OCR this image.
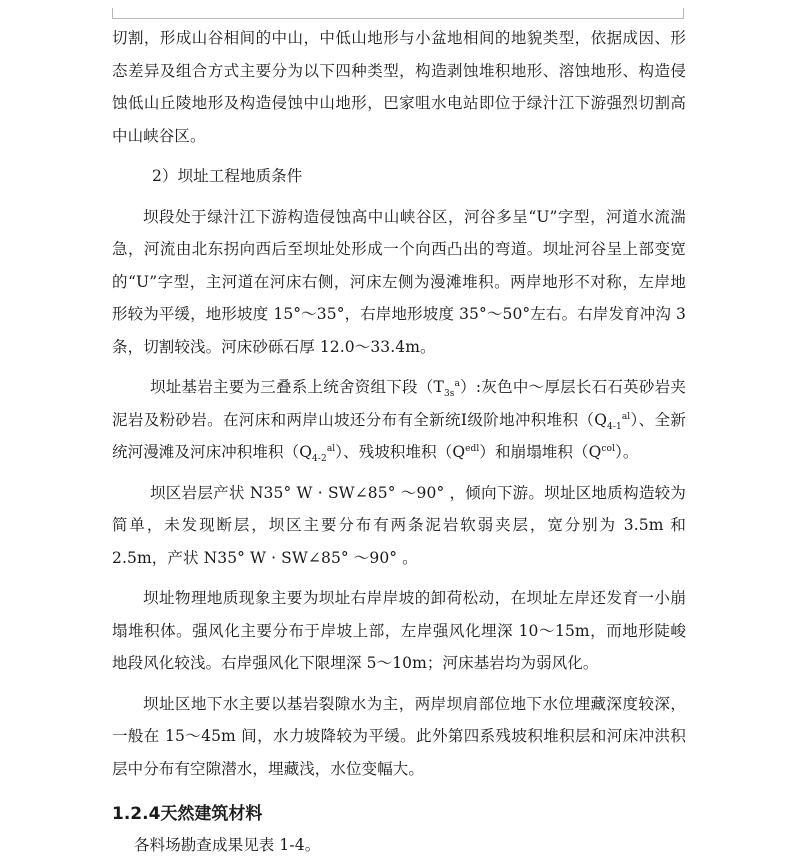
切割，形成山谷相间的中山，中低山地形与小盆地相间的地貌类型，依据成因、形态差异及组合方式主要分为以下四种类型，构造剥蚀堆积地形、溶蚀地形、构造侵蚀低山丘陵地形及构造侵蚀中山地形，巴家咀水电站即位于绿汁江下游强烈切割高中山峡谷区。

2）坝址工程地质条件

坝段处于绿汁江下游构造侵蚀高中山峡谷区，河谷多呈“U”字型，河道水流湍急，河流由北东拐向西后至坝址处形成一个向西凸出的弯道。坝址河谷呈上部变宽的“U”字型，主河道在河床右侧，河床左侧为漫滩堆积。两岸地形不对称，左岸地形较为平缓，地形坡度 15°～35°，右岸地形坡度 35°～50°左右。右岸发育冲沟 3 条，切割较浅。河床砂砾石厚 12.0～33.4m。

坝址基岩主要为三叠系上统舍资组下段$(T_{3s}^a)$:灰色中～厚层长石石英砂岩夹泥岩及粉砂岩。在河床和两岸山坡还分布有全新统Ⅰ级阶地冲积堆积$(Q_{4-1}^{al})$、全新统河漫滩及河床冲积堆积$(Q_{4-2}^{al})$、残坡积堆积$(Q^{edl})$和崩塌堆积$(Q^{col})$。

坝区岩层产状 N35° W · SW∠85° ～90° ，倾向下游。坝址区地质构造较为简单，未发现断层，坝区主要分布有两条泥岩软弱夹层，宽分别为 3.5m 和 2.5m，产状 N35° W · SW∠85° ～90° 。

坝址物理地质现象主要为坝址右岸岸坡的卸荷松动，在坝址左岸还发育一小崩塌堆积体。强风化主要分布于岸坡上部，左岸强风化埋深 10～15m，而地形陡峻地段风化较浅。右岸强风化下限埋深 5～10m；河床基岩均为弱风化。

坝址区地下水主要以基岩裂隙水为主，两岸坝肩部位地下水位埋藏深度较深，一般在 15～45m 间，水力坡降较为平缓。此外第四系残坡积堆积层和河床冲洪积层中分布有空隙潜水，埋藏浅，水位变幅大。

1.2.4天然建筑材料

各料场勘查成果见表 1-4。
